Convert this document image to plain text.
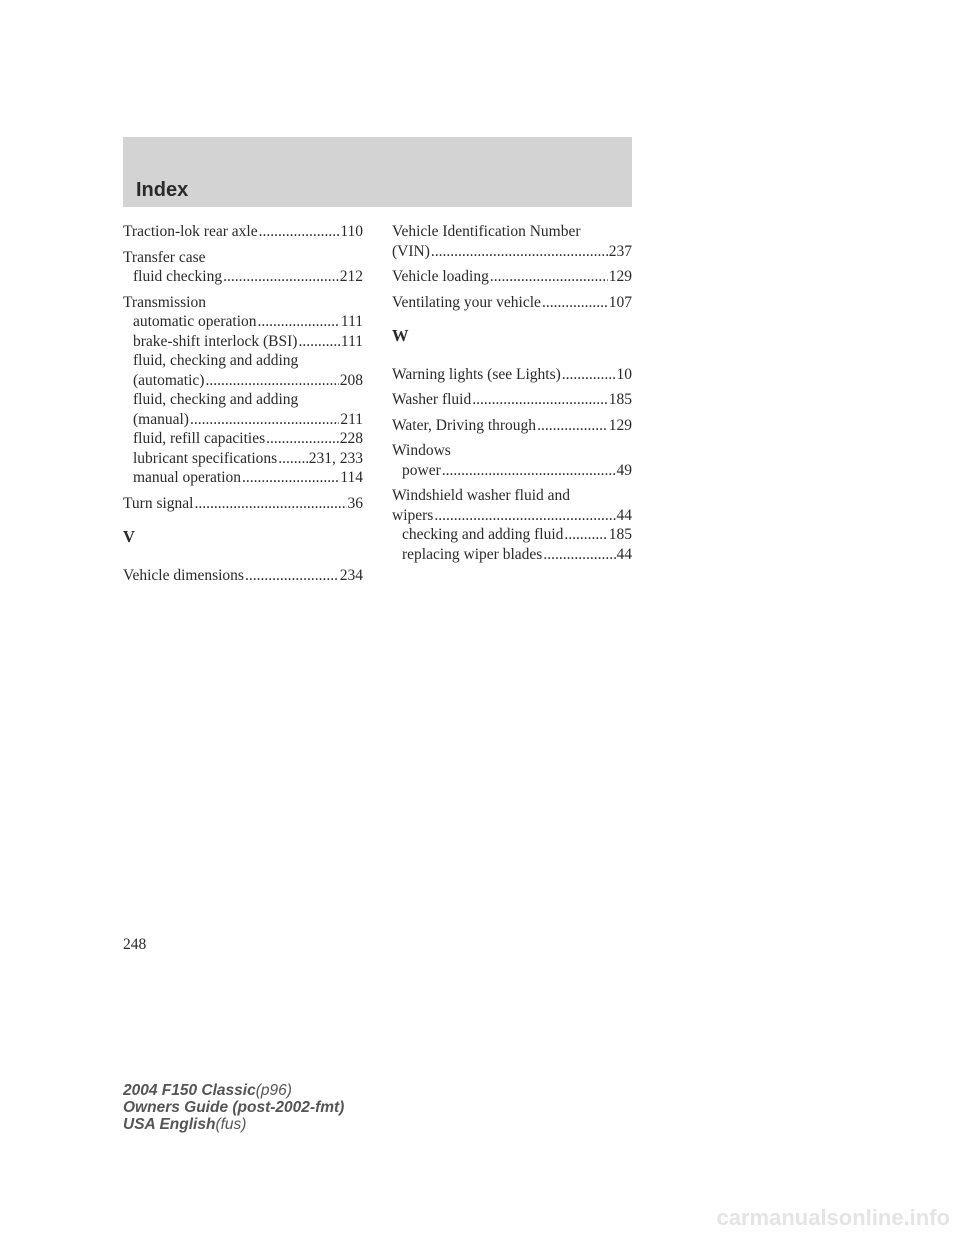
Index
Traction-lok rear axle .....	110
Transfer case
fluid checking .....	212
Transmission
automatic operation .....	111
brake-shift interlock (BSI) .....	111
fluid, checking and adding
(automatic) .....	208
fluid, checking and adding
(manual) .....	211
fluid, refill capacities .....	228
lubricant specifications ..... 231, 233
manual operation .....	114
Turn signal .....	36
V
Vehicle dimensions .....	234
Vehicle Identification Number
(VIN) .....	237
Vehicle loading .....	129
Ventilating your vehicle .....	107
W
Warning lights (see Lights) .....	10
Washer fluid .....	185
Water, Driving through .....	129
Windows
power .....	49
Windshield washer fluid and
wipers .....	44
checking and adding fluid .....	185
replacing wiper blades .....	44
248
2004 F150 Classic(p96)
Owners Guide (post-2002-fmt)
USA English(fus)
carmanualsonline.info
